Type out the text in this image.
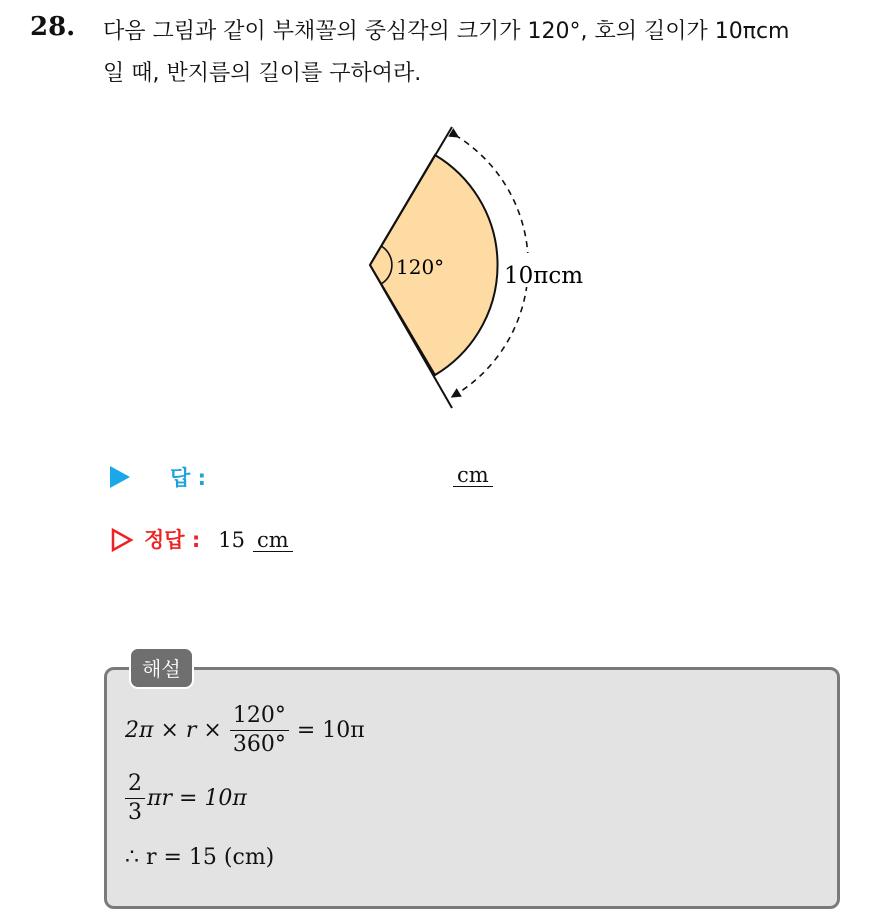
28. 다음 그림과 같이 부채꼴의 중심각의 크기가 120°, 호의 길이가 10πcm
일 때, 반지름의 길이를 구하여라.
120°	10πcm
답 :	cm
정답 : 15 cm
해설
$2\pi \times r \times \frac{120^\circ}{360^\circ} = 10\pi$
$\frac{2}{3}$ πr = 10π
∴ r = 15 (cm)
